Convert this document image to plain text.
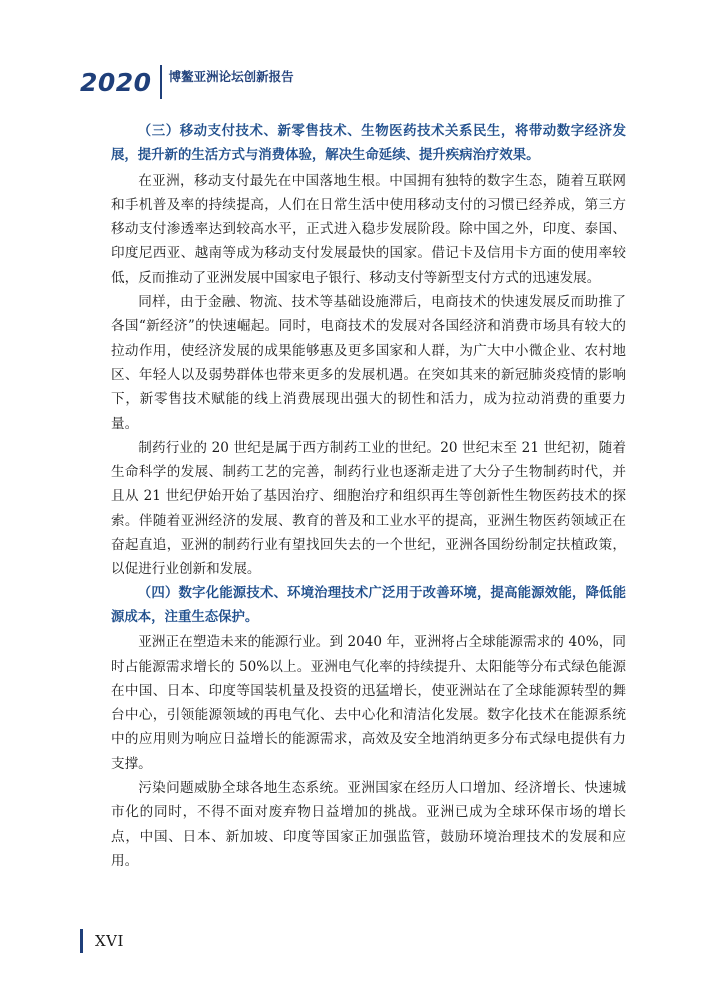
2020 博鳌亚洲论坛创新报告

（三）移动支付技术、新零售技术、生物医药技术关系民生，将带动数字经济发展，提升新的生活方式与消费体验，解决生命延续、提升疾病治疗效果。

在亚洲，移动支付最先在中国落地生根。中国拥有独特的数字生态，随着互联网和手机普及率的持续提高，人们在日常生活中使用移动支付的习惯已经养成，第三方移动支付渗透率达到较高水平，正式进入稳步发展阶段。除中国之外，印度、泰国、印度尼西亚、越南等成为移动支付发展最快的国家。借记卡及信用卡方面的使用率较低，反而推动了亚洲发展中国家电子银行、移动支付等新型支付方式的迅速发展。

同样，由于金融、物流、技术等基础设施滞后，电商技术的快速发展反而助推了各国“新经济”的快速崛起。同时，电商技术的发展对各国经济和消费市场具有较大的拉动作用，使经济发展的成果能够惠及更多国家和人群，为广大中小微企业、农村地区、年轻人以及弱势群体也带来更多的发展机遇。在突如其来的新冠肺炎疫情的影响下，新零售技术赋能的线上消费展现出强大的韧性和活力，成为拉动消费的重要力量。

制药行业的 20 世纪是属于西方制药工业的世纪。20 世纪末至 21 世纪初，随着生命科学的发展、制药工艺的完善，制药行业也逐渐走进了大分子生物制药时代，并且从 21 世纪伊始开始了基因治疗、细胞治疗和组织再生等创新性生物医药技术的探索。伴随着亚洲经济的发展、教育的普及和工业水平的提高，亚洲生物医药领域正在奋起直追，亚洲的制药行业有望找回失去的一个世纪，亚洲各国纷纷制定扶植政策，以促进行业创新和发展。

（四）数字化能源技术、环境治理技术广泛用于改善环境，提高能源效能，降低能源成本，注重生态保护。

亚洲正在塑造未来的能源行业。到 2040 年，亚洲将占全球能源需求的 40%，同时占能源需求增长的 50%以上。亚洲电气化率的持续提升、太阳能等分布式绿色能源在中国、日本、印度等国装机量及投资的迅猛增长，使亚洲站在了全球能源转型的舞台中心，引领能源领域的再电气化、去中心化和清洁化发展。数字化技术在能源系统中的应用则为响应日益增长的能源需求，高效及安全地消纳更多分布式绿电提供有力支撑。

污染问题威胁全球各地生态系统。亚洲国家在经历人口增加、经济增长、快速城市化的同时，不得不面对废弃物日益增加的挑战。亚洲已成为全球环保市场的增长点，中国、日本、新加坡、印度等国家正加强监管，鼓励环境治理技术的发展和应用。

XVI
